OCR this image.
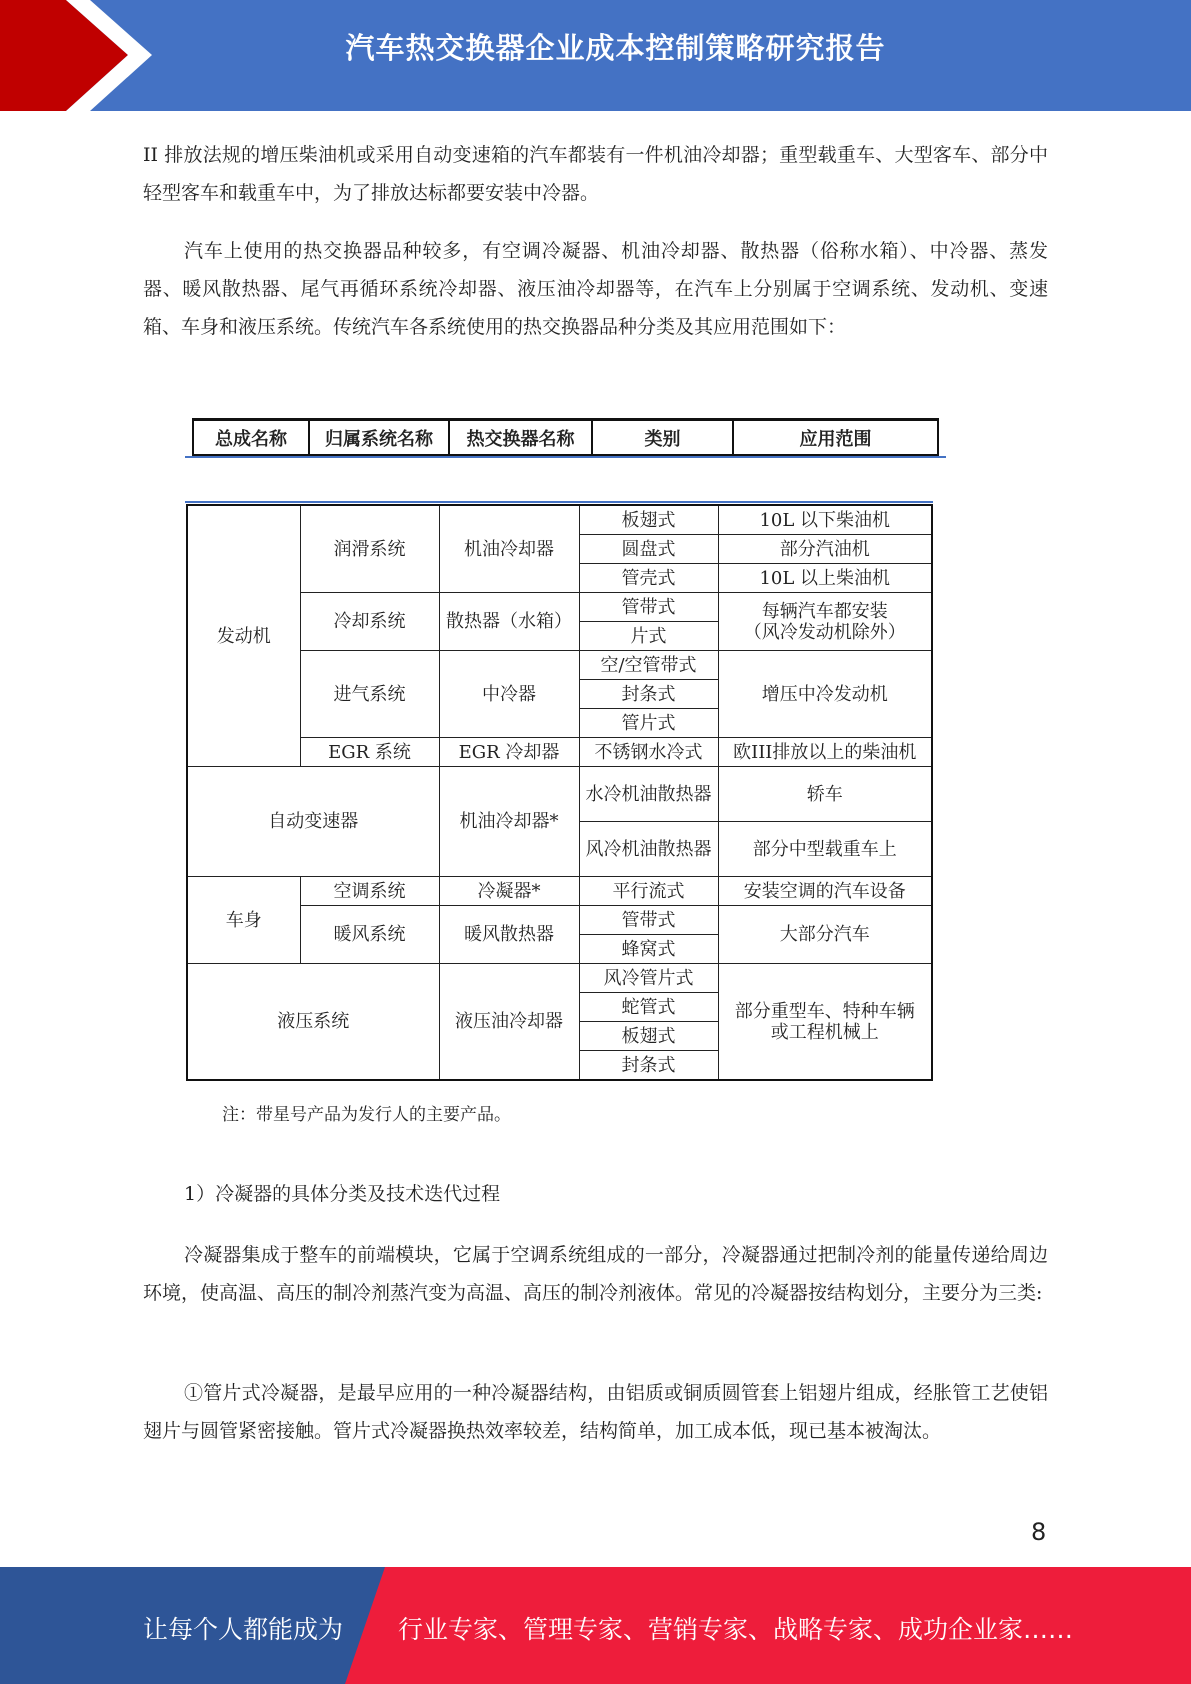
汽车热交换器企业成本控制策略研究报告

II 排放法规的增压柴油机或采用自动变速箱的汽车都装有一件机油冷却器；重型载重车、大型客车、部分中轻型客车和载重车中，为了排放达标都要安装中冷器。

汽车上使用的热交换器品种较多，有空调冷凝器、机油冷却器、散热器（俗称水箱）、中冷器、蒸发器、暖风散热器、尾气再循环系统冷却器、液压油冷却器等，在汽车上分别属于空调系统、发动机、变速箱、车身和液压系统。传统汽车各系统使用的热交换器品种分类及其应用范围如下：

总成名称	归属系统名称	热交换器名称	类别	应用范围
发动机	润滑系统	机油冷却器	板翅式	10L 以下柴油机
			圆盘式	部分汽油机
			管壳式	10L 以上柴油机
	冷却系统	散热器（水箱）	管带式	每辆汽车都安装
（风冷发动机除外）
			片式	
	进气系统	中冷器	空/空管带式	增压中冷发动机
			封条式	
			管片式	
	EGR 系统	EGR 冷却器	不锈钢水冷式	欧III排放以上的柴油机
自动变速器		机油冷却器*	水冷机油散热器	轿车
			风冷机油散热器	部分中型载重车上
车身	空调系统	冷凝器*	平行流式	安装空调的汽车设备
	暖风系统	暖风散热器	管带式	大部分汽车
			蜂窝式	
液压系统		液压油冷却器	风冷管片式	部分重型车、特种车辆
或工程机械上
			蛇管式	
			板翅式	
			封条式	
注：带星号产品为发行人的主要产品。

1）冷凝器的具体分类及技术迭代过程

冷凝器集成于整车的前端模块，它属于空调系统组成的一部分，冷凝器通过把制冷剂的能量传递给周边环境，使高温、高压的制冷剂蒸汽变为高温、高压的制冷剂液体。常见的冷凝器按结构划分，主要分为三类:

①管片式冷凝器，是最早应用的一种冷凝器结构，由铝质或铜质圆管套上铝翅片组成，经胀管工艺使铝翅片与圆管紧密接触。管片式冷凝器换热效率较差，结构简单，加工成本低，现已基本被淘汰。

8
让每个人都能成为 行业专家、管理专家、营销专家、战略专家、成功企业家……
